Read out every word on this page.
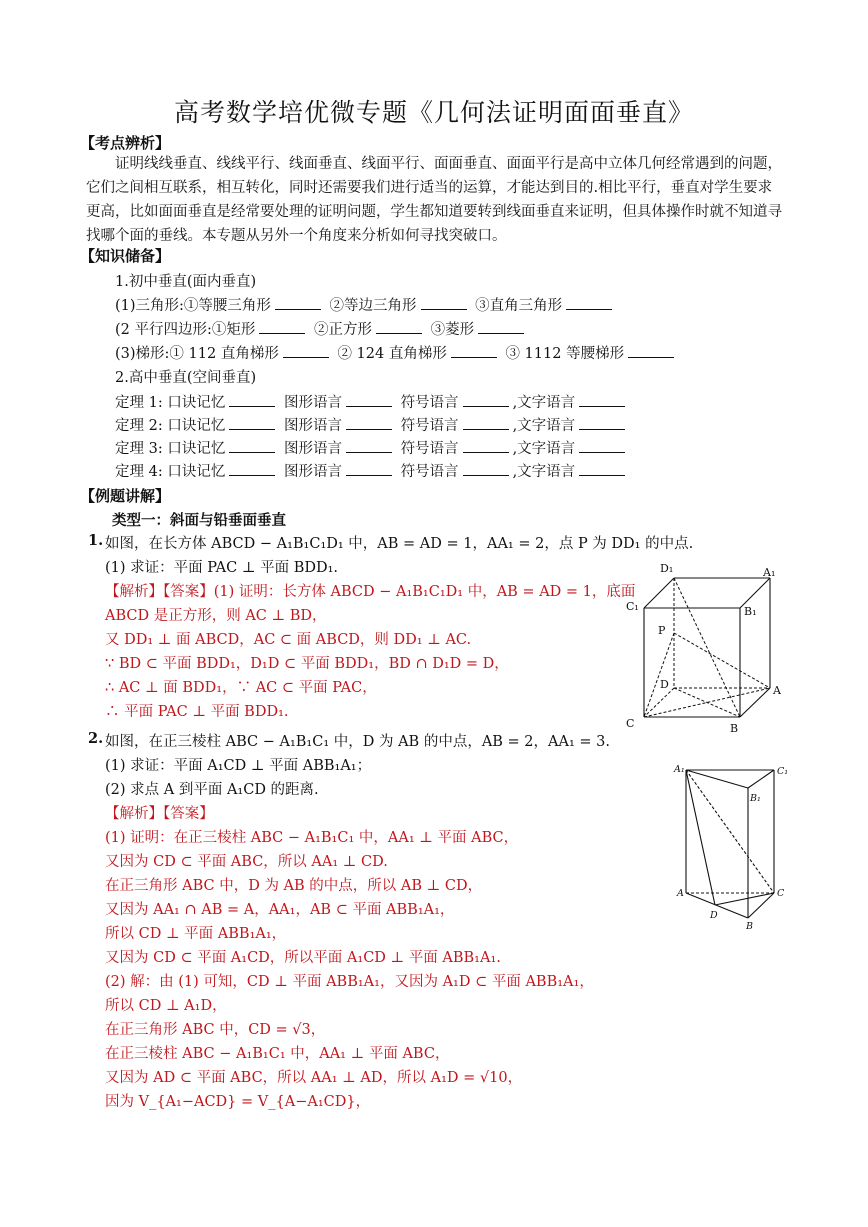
高考数学培优微专题《几何法证明面面垂直》
【考点辨析】
证明线线垂直、线线平行、线面垂直、线面平行、面面垂直、面面平行是高中立体几何经常遇到的问题，它们之间相互联系，相互转化，同时还需要我们进行适当的运算，才能达到目的.相比平行，垂直对学生要求更高，比如面面垂直是经常要处理的证明问题，学生都知道要转到线面垂直来证明，但具体操作时就不知道寻找哪个面的垂线。本专题从另外一个角度来分析如何寻找突破口。
【知识储备】
1.初中垂直(面内垂直)
(1)三角形:①等腰三角形	②等边三角形	③直角三角形
(2 平行四边形:①矩形	②正方形	③菱形
(3)梯形:① 112 直角梯形	② 124 直角梯形	③ 1112 等腰梯形
2.高中垂直(空间垂直)
定理 1: 口诀记忆	图形语言	符号语言	,文字语言
定理 2: 口诀记忆	图形语言	符号语言	,文字语言
定理 3: 口诀记忆	图形语言	符号语言	,文字语言
定理 4: 口诀记忆	图形语言	符号语言	,文字语言
【例题讲解】
类型一：斜面与铅垂面垂直
1. 如图，在长方体 ABCD − A₁B₁C₁D₁ 中，AB = AD = 1，AA₁ = 2，点 P 为 DD₁ 的中点.
(1) 求证：平面 PAC ⊥ 平面 BDD₁.
【解析】【答案】(1) 证明：长方体 ABCD − A₁B₁C₁D₁ 中，AB = AD = 1，底面
ABCD 是正方形，则 AC ⊥ BD，
又 DD₁ ⊥ 面 ABCD，AC ⊂ 面 ABCD，则 DD₁ ⊥ AC.
∵ BD ⊂ 平面 BDD₁，D₁D ⊂ 平面 BDD₁，BD ∩ D₁D = D，
∴ AC ⊥ 面 BDD₁，∵ AC ⊂ 平面 PAC，
∴ 平面 PAC ⊥ 平面 BDD₁.
D₁	A₁
C₁	B₁
P
D	A
C	B
2. 如图，在正三棱柱 ABC − A₁B₁C₁ 中，D 为 AB 的中点，AB = 2，AA₁ = 3.
(1) 求证：平面 A₁CD ⊥ 平面 ABB₁A₁；
(2) 求点 A 到平面 A₁CD 的距离.
【解析】【答案】
(1) 证明：在正三棱柱 ABC − A₁B₁C₁ 中，AA₁ ⊥ 平面 ABC，
又因为 CD ⊂ 平面 ABC，所以 AA₁ ⊥ CD.
在正三角形 ABC 中，D 为 AB 的中点，所以 AB ⊥ CD，
又因为 AA₁ ∩ AB = A，AA₁，AB ⊂ 平面 ABB₁A₁，
所以 CD ⊥ 平面 ABB₁A₁，
又因为 CD ⊂ 平面 A₁CD，所以平面 A₁CD ⊥ 平面 ABB₁A₁.
(2) 解：由 (1) 可知，CD ⊥ 平面 ABB₁A₁，又因为 A₁D ⊂ 平面 ABB₁A₁，
所以 CD ⊥ A₁D，
在正三角形 ABC 中，CD = √3，
在正三棱柱 ABC − A₁B₁C₁ 中，AA₁ ⊥ 平面 ABC，
又因为 AD ⊂ 平面 ABC，所以 AA₁ ⊥ AD，所以 A₁D = √10，
因为 V_{A₁−ACD} = V_{A−A₁CD}，
A₁	C₁
B₁
A	C
D
B
